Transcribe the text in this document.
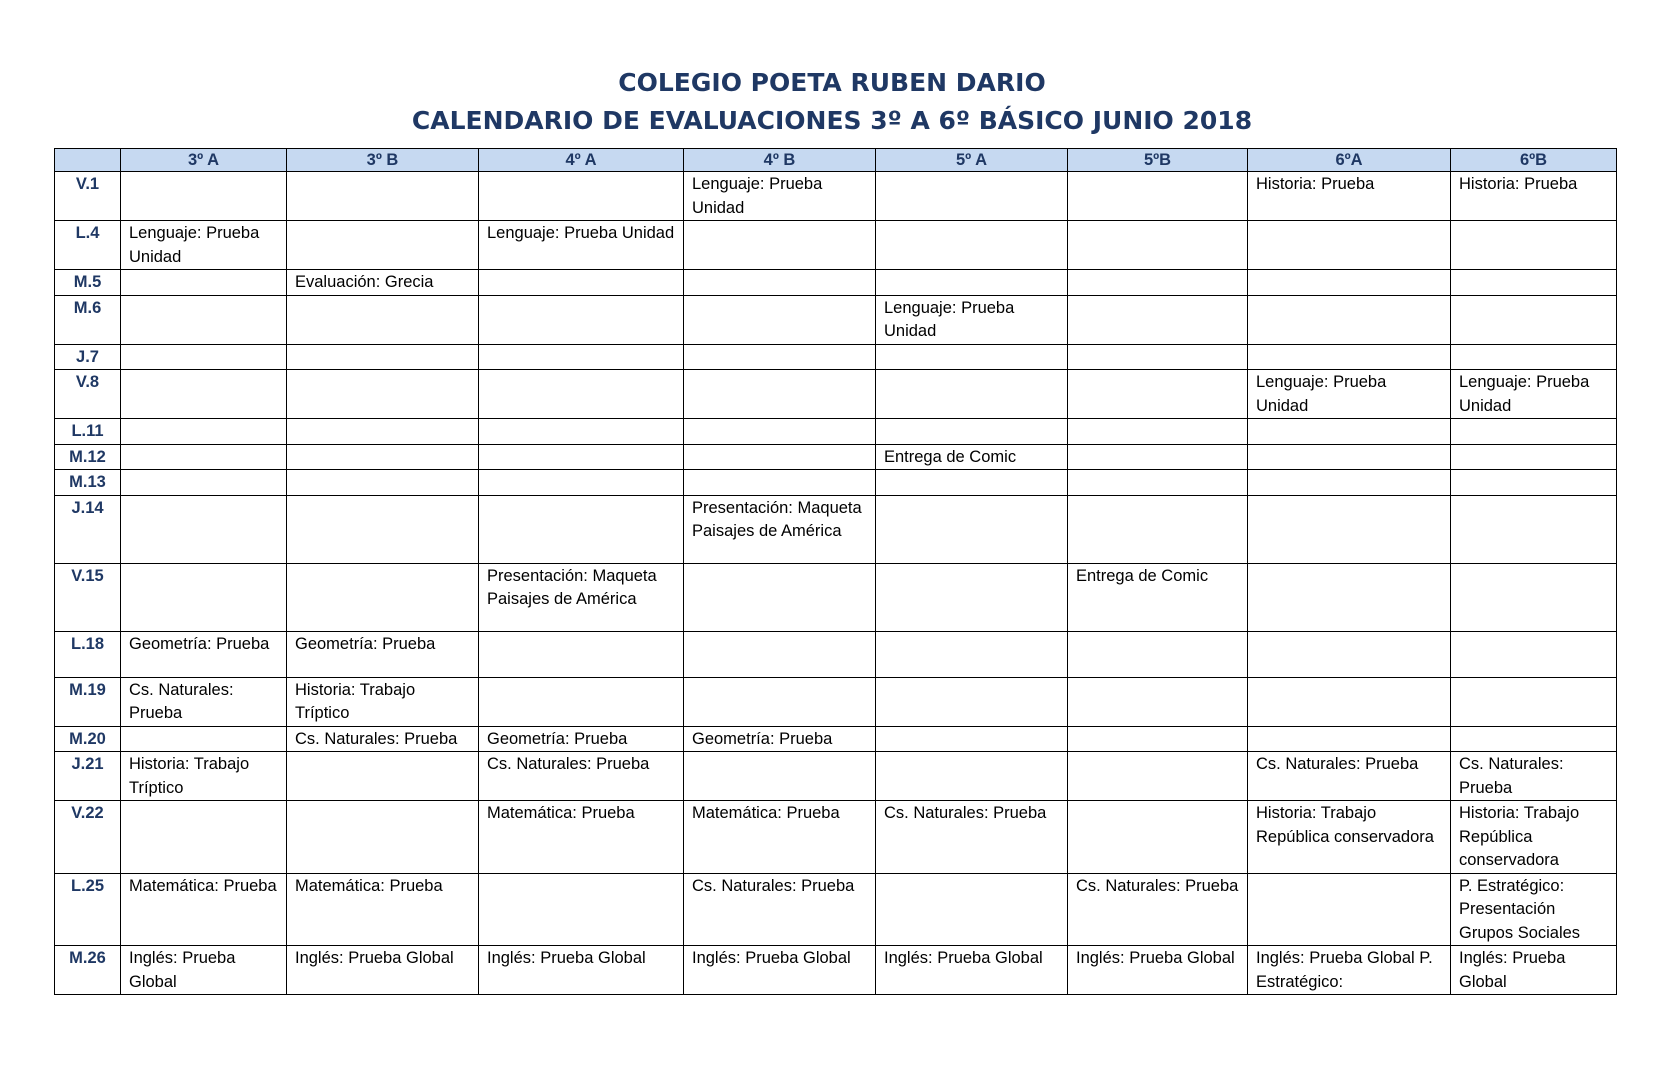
COLEGIO POETA RUBEN DARIO
CALENDARIO DE EVALUACIONES 3º A 6º BÁSICO JUNIO 2018
	3º A	3º B	4º A	4º B	5º A	5ºB	6ºA	6ºB
V.1				Lenguaje: Prueba Unidad			Historia: Prueba	Historia: Prueba
L.4	Lenguaje: Prueba Unidad		Lenguaje: Prueba Unidad					
M.5		Evaluación: Grecia						
M.6					Lenguaje: Prueba Unidad			
J.7								
V.8							Lenguaje: Prueba Unidad	Lenguaje: Prueba Unidad
L.11								
M.12					Entrega de Comic			
M.13								
J.14				Presentación: Maqueta Paisajes de América				
V.15			Presentación: Maqueta Paisajes de América			Entrega de Comic		
L.18	Geometría: Prueba	Geometría: Prueba						
M.19	Cs. Naturales: Prueba	Historia: Trabajo Tríptico						
M.20		Cs. Naturales: Prueba	Geometría: Prueba	Geometría: Prueba				
J.21	Historia: Trabajo Tríptico		Cs. Naturales: Prueba				Cs. Naturales: Prueba	Cs. Naturales: Prueba
V.22			Matemática: Prueba	Matemática: Prueba	Cs. Naturales: Prueba		Historia: Trabajo República conservadora	Historia: Trabajo República conservadora
L.25	Matemática: Prueba	Matemática: Prueba		Cs. Naturales: Prueba		Cs. Naturales: Prueba		P. Estratégico: Presentación Grupos Sociales
M.26	Inglés: Prueba Global	Inglés: Prueba Global	Inglés: Prueba Global	Inglés: Prueba Global	Inglés: Prueba Global	Inglés: Prueba Global	Inglés: Prueba Global P. Estratégico:	Inglés: Prueba Global
